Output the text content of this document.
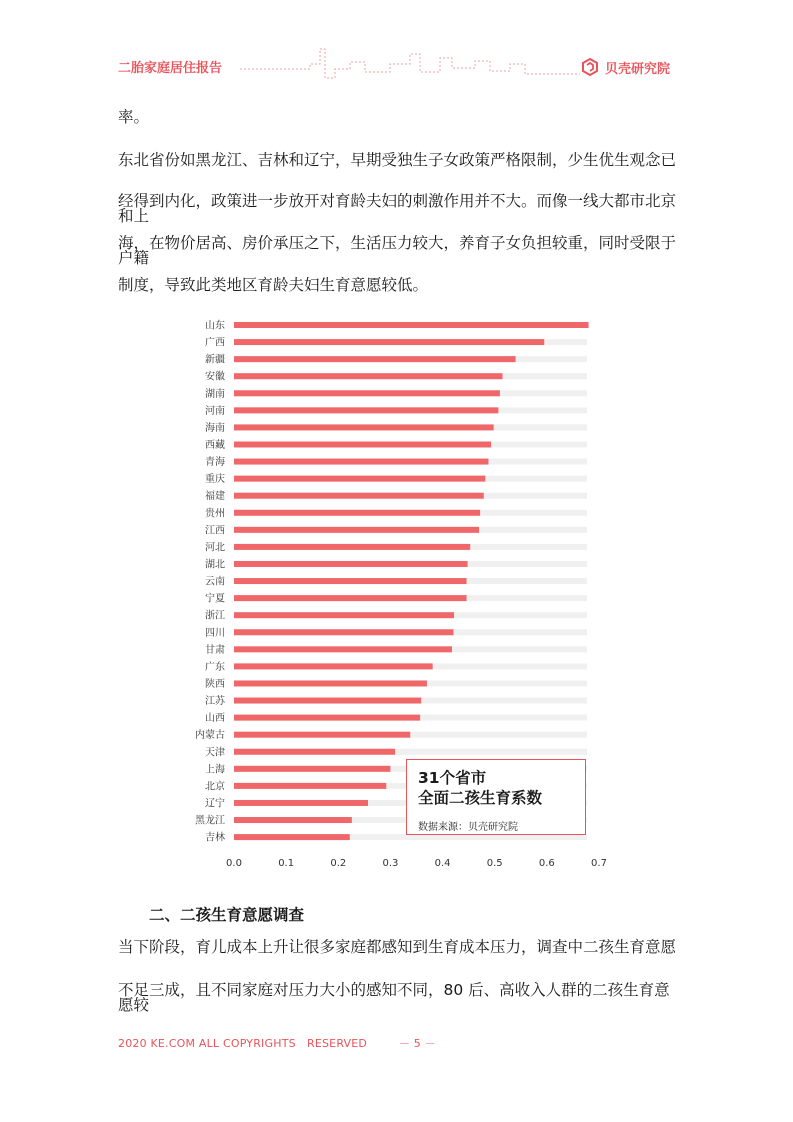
二胎家庭居住报告	贝壳研究院

率。

东北省份如黑龙江、吉林和辽宁，早期受独生子女政策严格限制，少生优生观念已

经得到内化，政策进一步放开对育龄夫妇的刺激作用并不大。而像一线大都市北京和上

海，在物价居高、房价承压之下，生活压力较大，养育子女负担较重，同时受限于户籍

制度，导致此类地区育龄夫妇生育意愿较低。

山东
广西
新疆
安徽
湖南
河南
海南
西藏
青海
重庆
福建
贵州
江西
河北
湖北
云南
宁夏
浙江
四川
甘肃
广东
陕西
江苏
山西
内蒙古
天津
上海
北京
辽宁
黑龙江
吉林
0.0	0.1	0.2	0.3	0.4	0.5	0.6	0.7
31个省市
全面二孩生育系数
数据来源：贝壳研究院
二、二孩生育意愿调查

当下阶段，育儿成本上升让很多家庭都感知到生育成本压力，调查中二孩生育意愿

不足三成，且不同家庭对压力大小的感知不同，80 后、高收入人群的二孩生育意愿较

2020 KE.COM ALL COPYRIGHTS　RESERVED	－ 5 －
